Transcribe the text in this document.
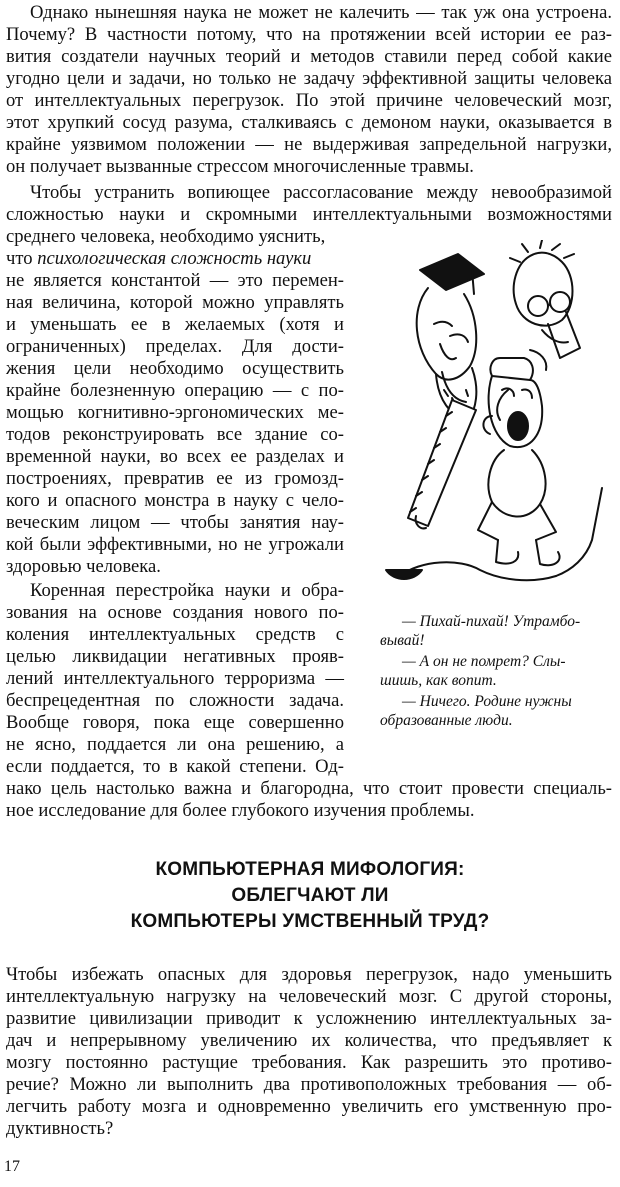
Однако нынешняя наука не может не калечить — так уж она устроена.
Почему? В частности потому, что на протяжении всей истории ее раз-
вития создатели научных теорий и методов ставили перед собой какие
угодно цели и задачи, но только не задачу эффективной защиты человека
от интеллектуальных перегрузок. По этой причине человеческий мозг,
этот хрупкий сосуд разума, сталкиваясь с демоном науки, оказывается в
крайне уязвимом положении — не выдерживая запредельной нагрузки,
он получает вызванные стрессом многочисленные травмы.
Чтобы устранить вопиющее рассогласование между невообразимой
сложностью науки и скромными интеллектуальными возможностями
среднего человека, необходимо уяснить,
что психологическая сложность науки
не является константой — это перемен-
ная величина, которой можно управлять
и уменьшать ее в желаемых (хотя и
ограниченных) пределах. Для дости-
жения цели необходимо осуществить
крайне болезненную операцию — с по-
мощью когнитивно-эргономических ме-
тодов реконструировать все здание со-
временной науки, во всех ее разделах и
построениях, превратив ее из громозд-
кого и опасного монстра в науку с чело-
веческим лицом — чтобы занятия нау-
кой были эффективными, но не угрожали
здоровью человека.
Коренная перестройка науки и обра-
зования на основе создания нового по-
коления интеллектуальных средств с
целью ликвидации негативных прояв-
лений интеллектуального терроризма —
беспрецедентная по сложности задача.
Вообще говоря, пока еще совершенно
не ясно, поддается ли она решению, а
если поддается, то в какой степени. Од-
нако цель настолько важна и благородна, что стоит провести специаль-
ное исследование для более глубокого изучения проблемы.
— Пихай-пихай! Утрамбо-
вывай!
— А он не помрет? Слы-
шишь, как вопит.
— Ничего. Родине нужны
образованные люди.
КОМПЬЮТЕРНАЯ МИФОЛОГИЯ:
ОБЛЕГЧАЮТ ЛИ
КОМПЬЮТЕРЫ УМСТВЕННЫЙ ТРУД?
Чтобы избежать опасных для здоровья перегрузок, надо уменьшить
интеллектуальную нагрузку на человеческий мозг. С другой стороны,
развитие цивилизации приводит к усложнению интеллектуальных за-
дач и непрерывному увеличению их количества, что предъявляет к
мозгу постоянно растущие требования. Как разрешить это противо-
речие? Можно ли выполнить два противоположных требования — об-
легчить работу мозга и одновременно увеличить его умственную про-
дуктивность?
17
